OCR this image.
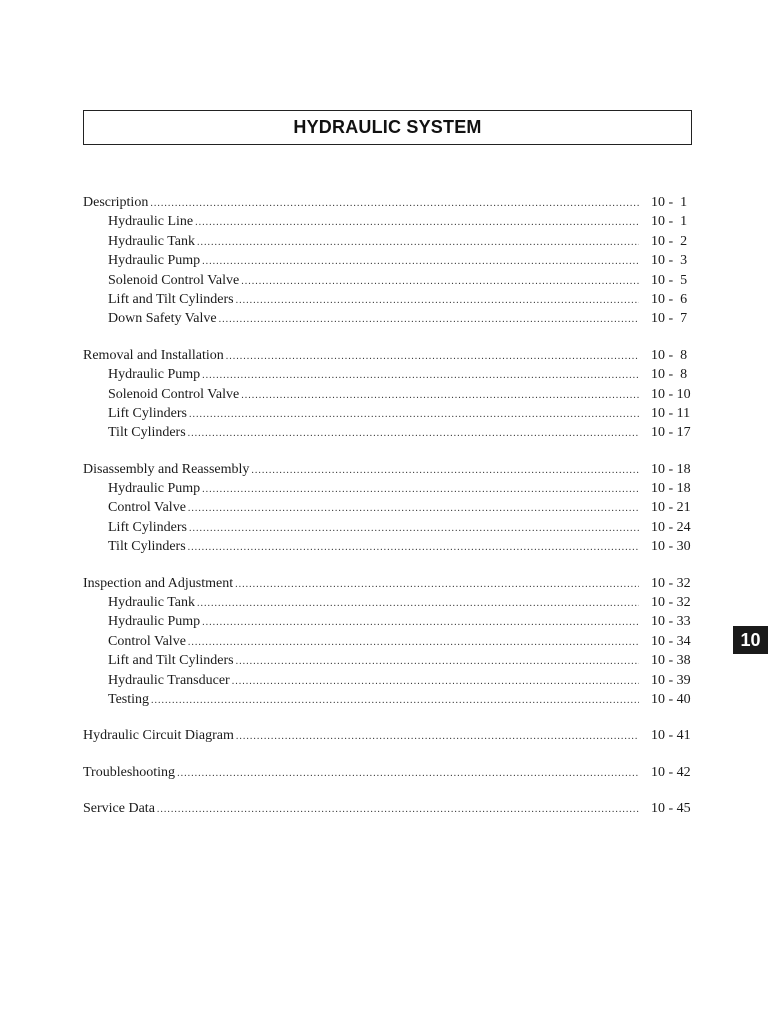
HYDRAULIC SYSTEM
Description .....	10 -  1
Hydraulic Line .....	10 -  1
Hydraulic Tank .....	10 -  2
Hydraulic Pump .....	10 -  3
Solenoid Control Valve .....	10 -  5
Lift and Tilt Cylinders .....	10 -  6
Down Safety Valve .....	10 -  7
Removal and Installation .....	10 -  8
Hydraulic Pump .....	10 -  8
Solenoid Control Valve .....	10 - 10
Lift Cylinders .....	10 - 11
Tilt Cylinders .....	10 - 17
Disassembly and Reassembly .....	10 - 18
Hydraulic Pump .....	10 - 18
Control Valve .....	10 - 21
Lift Cylinders .....	10 - 24
Tilt Cylinders .....	10 - 30
Inspection and Adjustment .....	10 - 32
Hydraulic Tank .....	10 - 32
Hydraulic Pump .....	10 - 33
Control Valve .....	10 - 34
Lift and Tilt Cylinders .....	10 - 38
Hydraulic Transducer .....	10 - 39
Testing .....	10 - 40
Hydraulic Circuit Diagram .....	10 - 41
Troubleshooting .....	10 - 42
Service Data .....	10 - 45
10
